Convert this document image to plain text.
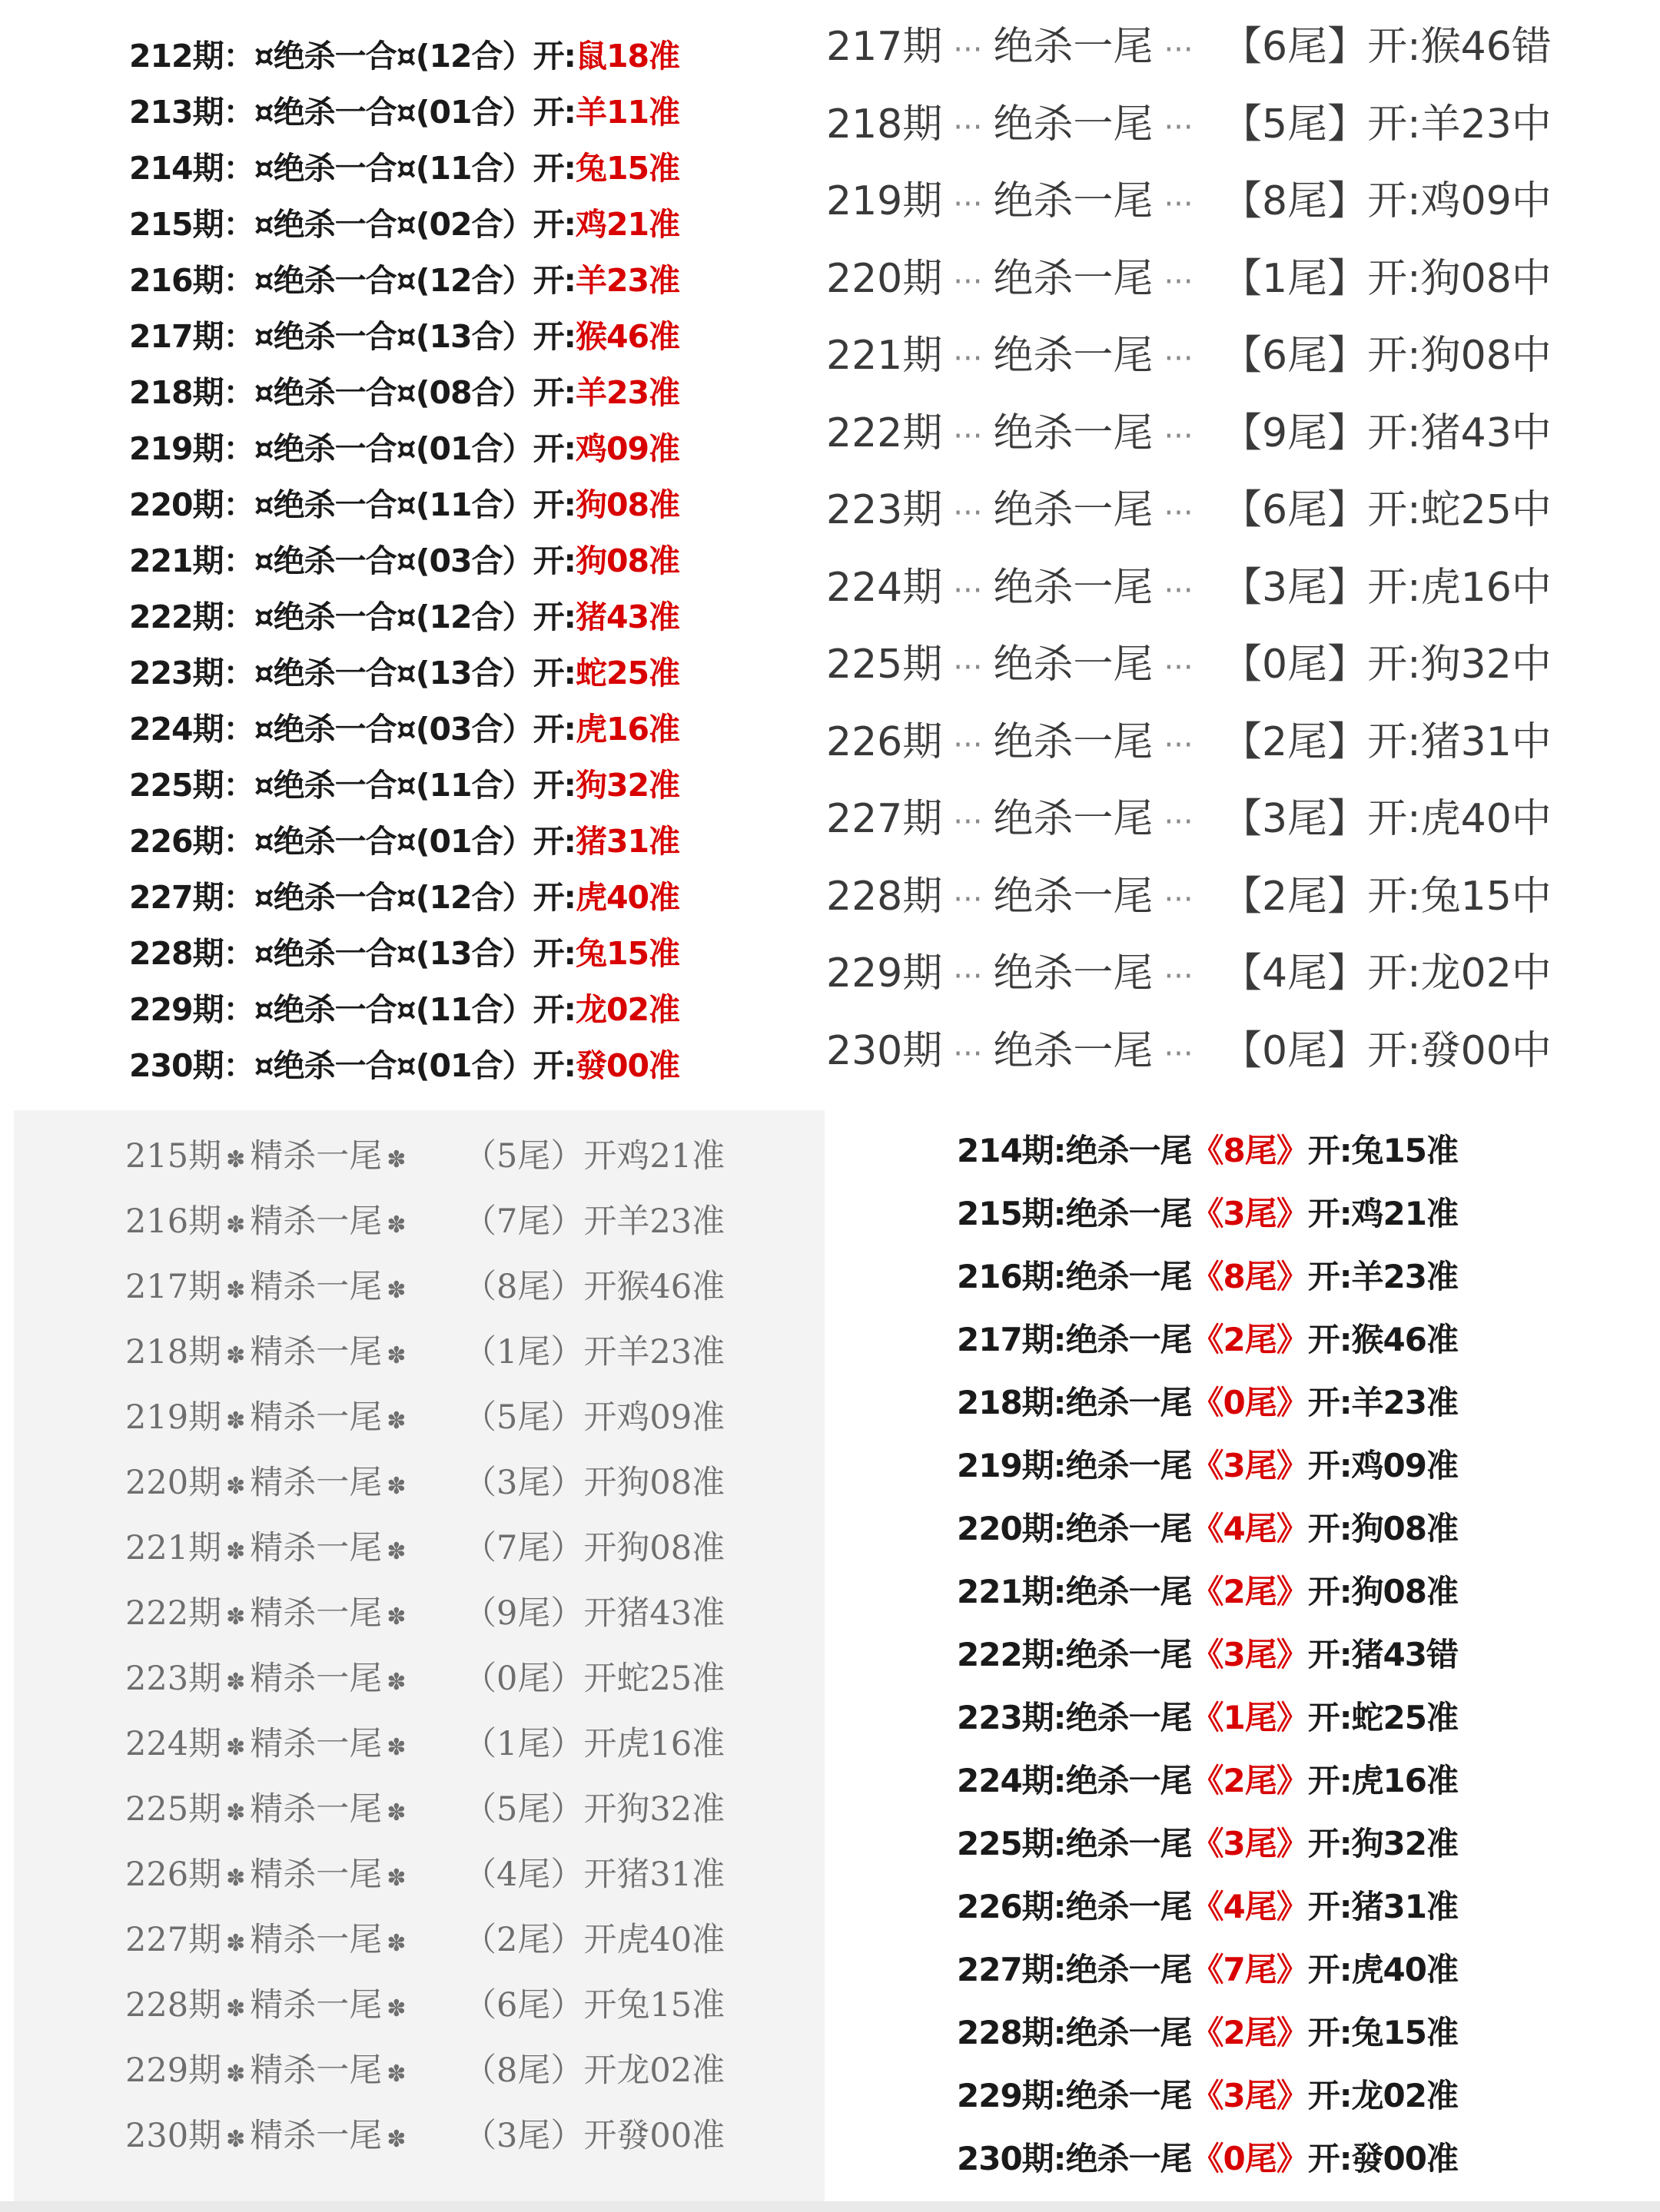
212期：¤绝杀一合¤(12合）开:鼠18准
213期：¤绝杀一合¤(01合）开:羊11准
214期：¤绝杀一合¤(11合）开:兔15准
215期：¤绝杀一合¤(02合）开:鸡21准
216期：¤绝杀一合¤(12合）开:羊23准
217期：¤绝杀一合¤(13合）开:猴46准
218期：¤绝杀一合¤(08合）开:羊23准
219期：¤绝杀一合¤(01合）开:鸡09准
220期：¤绝杀一合¤(11合）开:狗08准
221期：¤绝杀一合¤(03合）开:狗08准
222期：¤绝杀一合¤(12合）开:猪43准
223期：¤绝杀一合¤(13合）开:蛇25准
224期：¤绝杀一合¤(03合）开:虎16准
225期：¤绝杀一合¤(11合）开:狗32准
226期：¤绝杀一合¤(01合）开:猪31准
227期：¤绝杀一合¤(12合）开:虎40准
228期：¤绝杀一合¤(13合）开:兔15准
229期：¤绝杀一合¤(11合）开:龙02准
230期：¤绝杀一合¤(01合）开:發00准
217期 ··· 绝杀一尾 ··· 【6尾】开:猴46错
218期 ··· 绝杀一尾 ··· 【5尾】开:羊23中
219期 ··· 绝杀一尾 ··· 【8尾】开:鸡09中
220期 ··· 绝杀一尾 ··· 【1尾】开:狗08中
221期 ··· 绝杀一尾 ··· 【6尾】开:狗08中
222期 ··· 绝杀一尾 ··· 【9尾】开:猪43中
223期 ··· 绝杀一尾 ··· 【6尾】开:蛇25中
224期 ··· 绝杀一尾 ··· 【3尾】开:虎16中
225期 ··· 绝杀一尾 ··· 【0尾】开:狗32中
226期 ··· 绝杀一尾 ··· 【2尾】开:猪31中
227期 ··· 绝杀一尾 ··· 【3尾】开:虎40中
228期 ··· 绝杀一尾 ··· 【2尾】开:兔15中
229期 ··· 绝杀一尾 ··· 【4尾】开:龙02中
230期 ··· 绝杀一尾 ··· 【0尾】开:發00中
215期 ✽ 精杀一尾 ✽ （5尾）开鸡21准
216期 ✽ 精杀一尾 ✽ （7尾）开羊23准
217期 ✽ 精杀一尾 ✽ （8尾）开猴46准
218期 ✽ 精杀一尾 ✽ （1尾）开羊23准
219期 ✽ 精杀一尾 ✽ （5尾）开鸡09准
220期 ✽ 精杀一尾 ✽ （3尾）开狗08准
221期 ✽ 精杀一尾 ✽ （7尾）开狗08准
222期 ✽ 精杀一尾 ✽ （9尾）开猪43准
223期 ✽ 精杀一尾 ✽ （0尾）开蛇25准
224期 ✽ 精杀一尾 ✽ （1尾）开虎16准
225期 ✽ 精杀一尾 ✽ （5尾）开狗32准
226期 ✽ 精杀一尾 ✽ （4尾）开猪31准
227期 ✽ 精杀一尾 ✽ （2尾）开虎40准
228期 ✽ 精杀一尾 ✽ （6尾）开兔15准
229期 ✽ 精杀一尾 ✽ （8尾）开龙02准
230期 ✽ 精杀一尾 ✽ （3尾）开發00准
214期:绝杀一尾《8尾》开:兔15准
215期:绝杀一尾《3尾》开:鸡21准
216期:绝杀一尾《8尾》开:羊23准
217期:绝杀一尾《2尾》开:猴46准
218期:绝杀一尾《0尾》开:羊23准
219期:绝杀一尾《3尾》开:鸡09准
220期:绝杀一尾《4尾》开:狗08准
221期:绝杀一尾《2尾》开:狗08准
222期:绝杀一尾《3尾》开:猪43错
223期:绝杀一尾《1尾》开:蛇25准
224期:绝杀一尾《2尾》开:虎16准
225期:绝杀一尾《3尾》开:狗32准
226期:绝杀一尾《4尾》开:猪31准
227期:绝杀一尾《7尾》开:虎40准
228期:绝杀一尾《2尾》开:兔15准
229期:绝杀一尾《3尾》开:龙02准
230期:绝杀一尾《0尾》开:發00准
